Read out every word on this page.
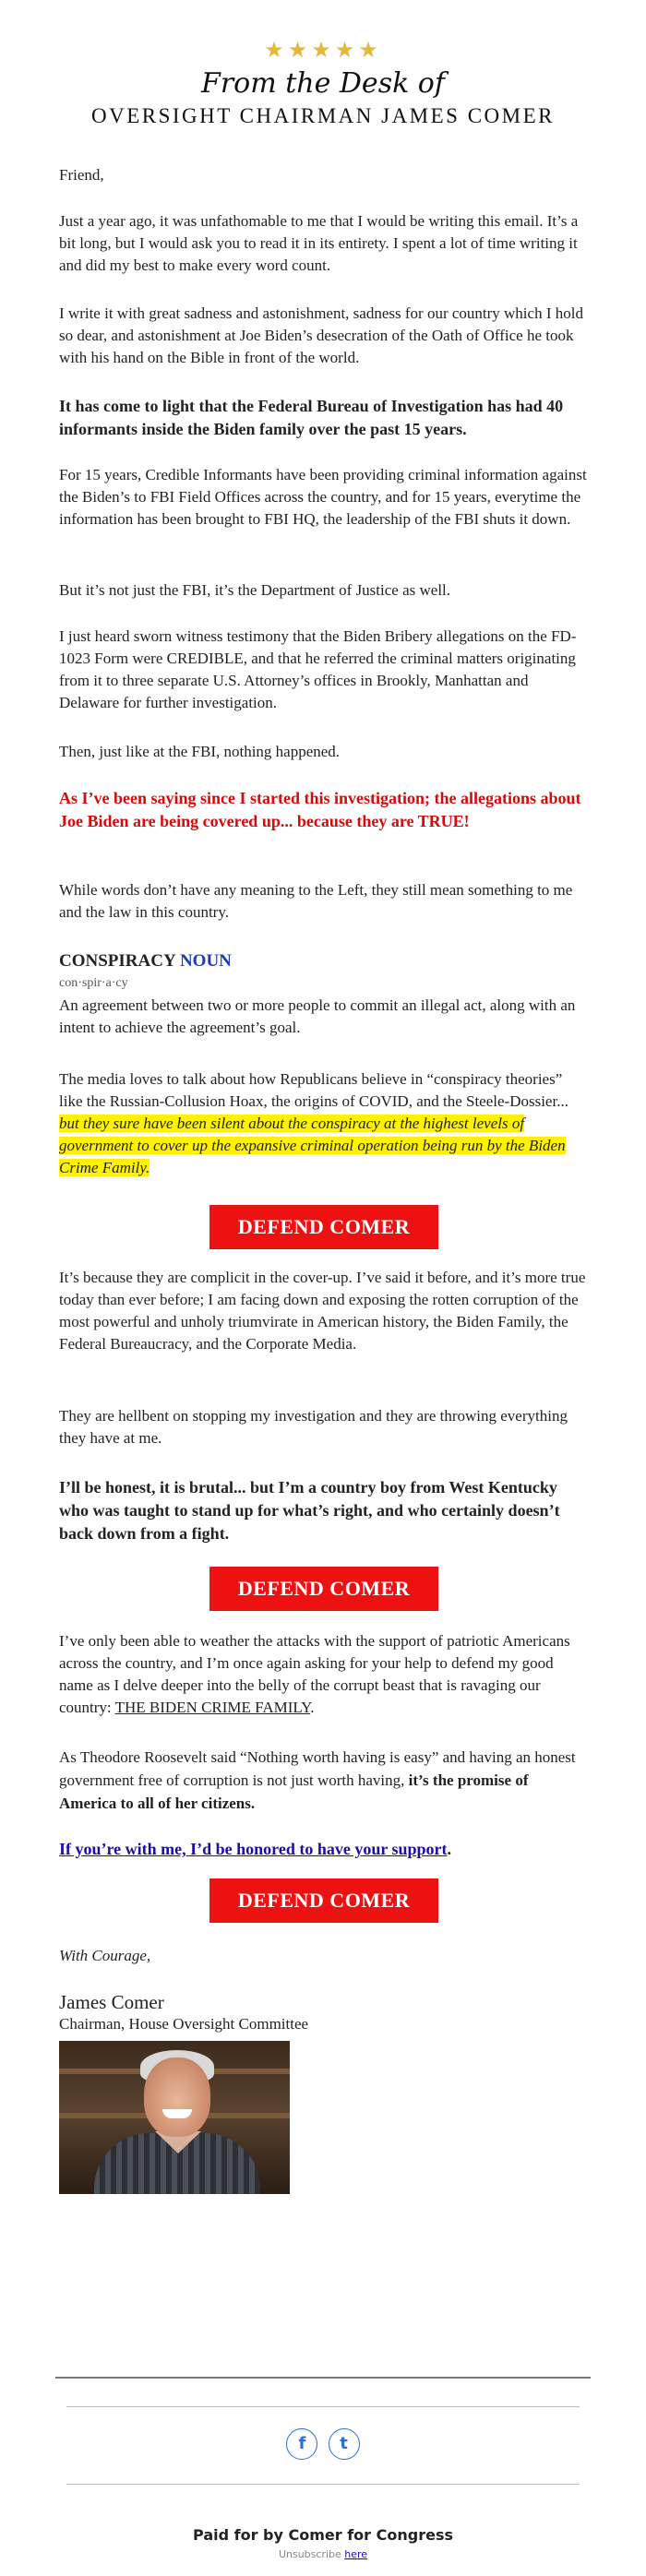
★★★★★
From the Desk of
OVERSIGHT CHAIRMAN JAMES COMER

Friend,

Just a year ago, it was unfathomable to me that I would be writing this email. It’s a bit long, but I would ask you to read it in its entirety. I spent a lot of time writing it and did my best to make every word count.

I write it with great sadness and astonishment, sadness for our country which I hold so dear, and astonishment at Joe Biden’s desecration of the Oath of Office he took with his hand on the Bible in front of the world.

It has come to light that the Federal Bureau of Investigation has had 40 informants inside the Biden family over the past 15 years.

For 15 years, Credible Informants have been providing criminal information against the Biden’s to FBI Field Offices across the country, and for 15 years, everytime the information has been brought to FBI HQ, the leadership of the FBI shuts it down.

But it’s not just the FBI, it’s the Department of Justice as well.

I just heard sworn witness testimony that the Biden Bribery allegations on the FD-1023 Form were CREDIBLE, and that he referred the criminal matters originating from it to three separate U.S. Attorney’s offices in Brookly, Manhattan and Delaware for further investigation.

Then, just like at the FBI, nothing happened.

As I’ve been saying since I started this investigation; the allegations about Joe Biden are being covered up... because they are TRUE!

While words don’t have any meaning to the Left, they still mean something to me and the law in this country.

CONSPIRACY NOUN

con·spir·a·cy

An agreement between two or more people to commit an illegal act, along with an intent to achieve the agreement’s goal.

The media loves to talk about how Republicans believe in “conspiracy theories” like the Russian-Collusion Hoax, the origins of COVID, and the Steele-Dossier... but they sure have been silent about the conspiracy at the highest levels of government to cover up the expansive criminal operation being run by the Biden Crime Family.

DEFEND COMER

It’s because they are complicit in the cover-up. I’ve said it before, and it’s more true today than ever before; I am facing down and exposing the rotten corruption of the most powerful and unholy triumvirate in American history, the Biden Family, the Federal Bureaucracy, and the Corporate Media.

They are hellbent on stopping my investigation and they are throwing everything they have at me.

I’ll be honest, it is brutal... but I’m a country boy from West Kentucky who was taught to stand up for what’s right, and who certainly doesn’t back down from a fight.

DEFEND COMER

I’ve only been able to weather the attacks with the support of patriotic Americans across the country, and I’m once again asking for your help to defend my good name as I delve deeper into the belly of the corrupt beast that is ravaging our country: THE BIDEN CRIME FAMILY.

As Theodore Roosevelt said “Nothing worth having is easy” and having an honest government free of corruption is not just worth having, it’s the promise of America to all of her citizens.

If you’re with me, I’d be honored to have your support.

DEFEND COMER

With Courage,

James Comer

Chairman, House Oversight Committee

f t
Paid for by Comer for Congress
Unsubscribe here
